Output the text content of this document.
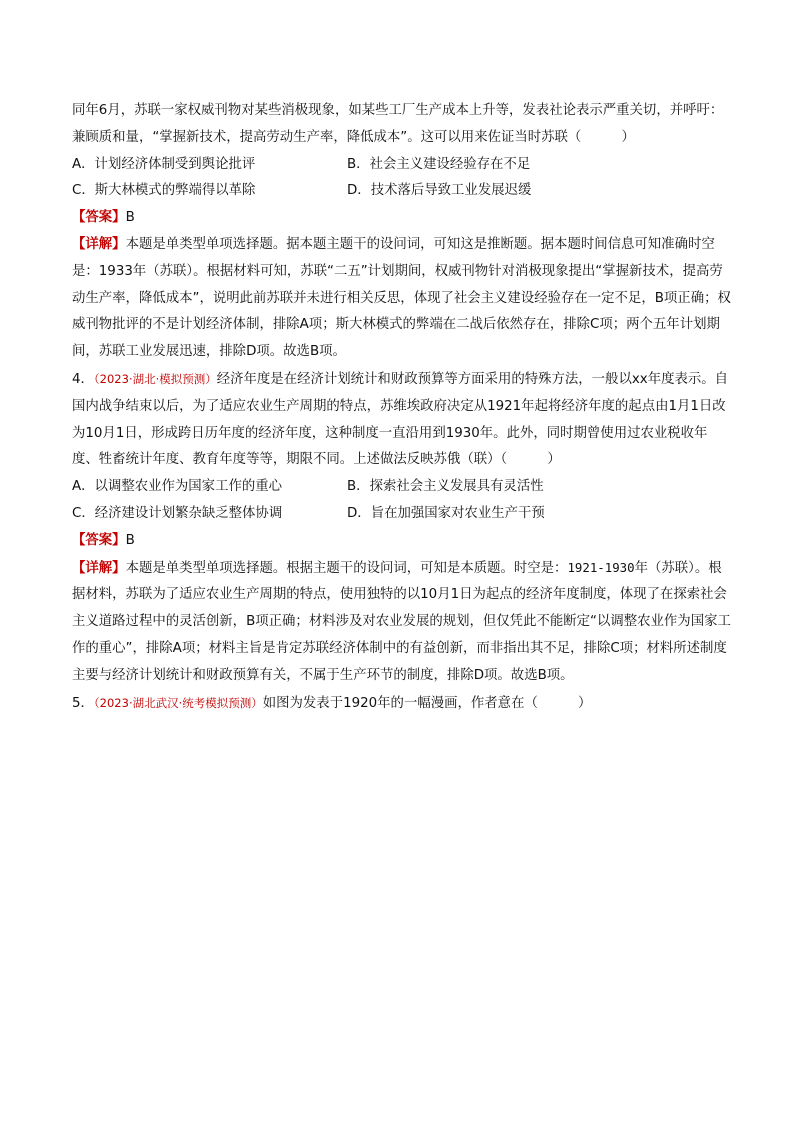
同年6月，苏联一家权威刊物对某些消极现象，如某些工厂生产成本上升等，发表社论表示严重关切，并呼吁：兼顾质和量，“掌握新技术，提高劳动生产率，降低成本”。这可以用来佐证当时苏联（　　　）

A．计划经济体制受到舆论批评	B．社会主义建设经验存在不足
C．斯大林模式的弊端得以革除	D．技术落后导致工业发展迟缓

【答案】B

【详解】本题是单类型单项选择题。据本题主题干的设问词，可知这是推断题。据本题时间信息可知准确时空是：1933年（苏联）。根据材料可知，苏联“二五”计划期间，权威刊物针对消极现象提出“掌握新技术，提高劳动生产率，降低成本”，说明此前苏联并未进行相关反思，体现了社会主义建设经验存在一定不足，B项正确；权威刊物批评的不是计划经济体制，排除A项；斯大林模式的弊端在二战后依然存在，排除C项；两个五年计划期间，苏联工业发展迅速，排除D项。故选B项。

4．（2023·湖北·模拟预测）经济年度是在经济计划统计和财政预算等方面采用的特殊方法，一般以xx年度表示。自国内战争结束以后，为了适应农业生产周期的特点，苏维埃政府决定从1921年起将经济年度的起点由1月1日改为10月1日，形成跨日历年度的经济年度，这种制度一直沿用到1930年。此外，同时期曾使用过农业税收年度、牲畜统计年度、教育年度等等，期限不同。上述做法反映苏俄（联）（　　　）

A．以调整农业作为国家工作的重心	B．探索社会主义发展具有灵活性
C．经济建设计划繁杂缺乏整体协调	D．旨在加强国家对农业生产干预

【答案】B

【详解】本题是单类型单项选择题。根据主题干的设问词，可知是本质题。时空是：1921-1930年（苏联）。根据材料，苏联为了适应农业生产周期的特点，使用独特的以10月1日为起点的经济年度制度，体现了在探索社会主义道路过程中的灵活创新，B项正确；材料涉及对农业发展的规划，但仅凭此不能断定“以调整农业作为国家工作的重心”，排除A项；材料主旨是肯定苏联经济体制中的有益创新，而非指出其不足，排除C项；材料所述制度主要与经济计划统计和财政预算有关，不属于生产环节的制度，排除D项。故选B项。

5．（2023·湖北武汉·统考模拟预测）如图为发表于1920年的一幅漫画，作者意在（　　　）
